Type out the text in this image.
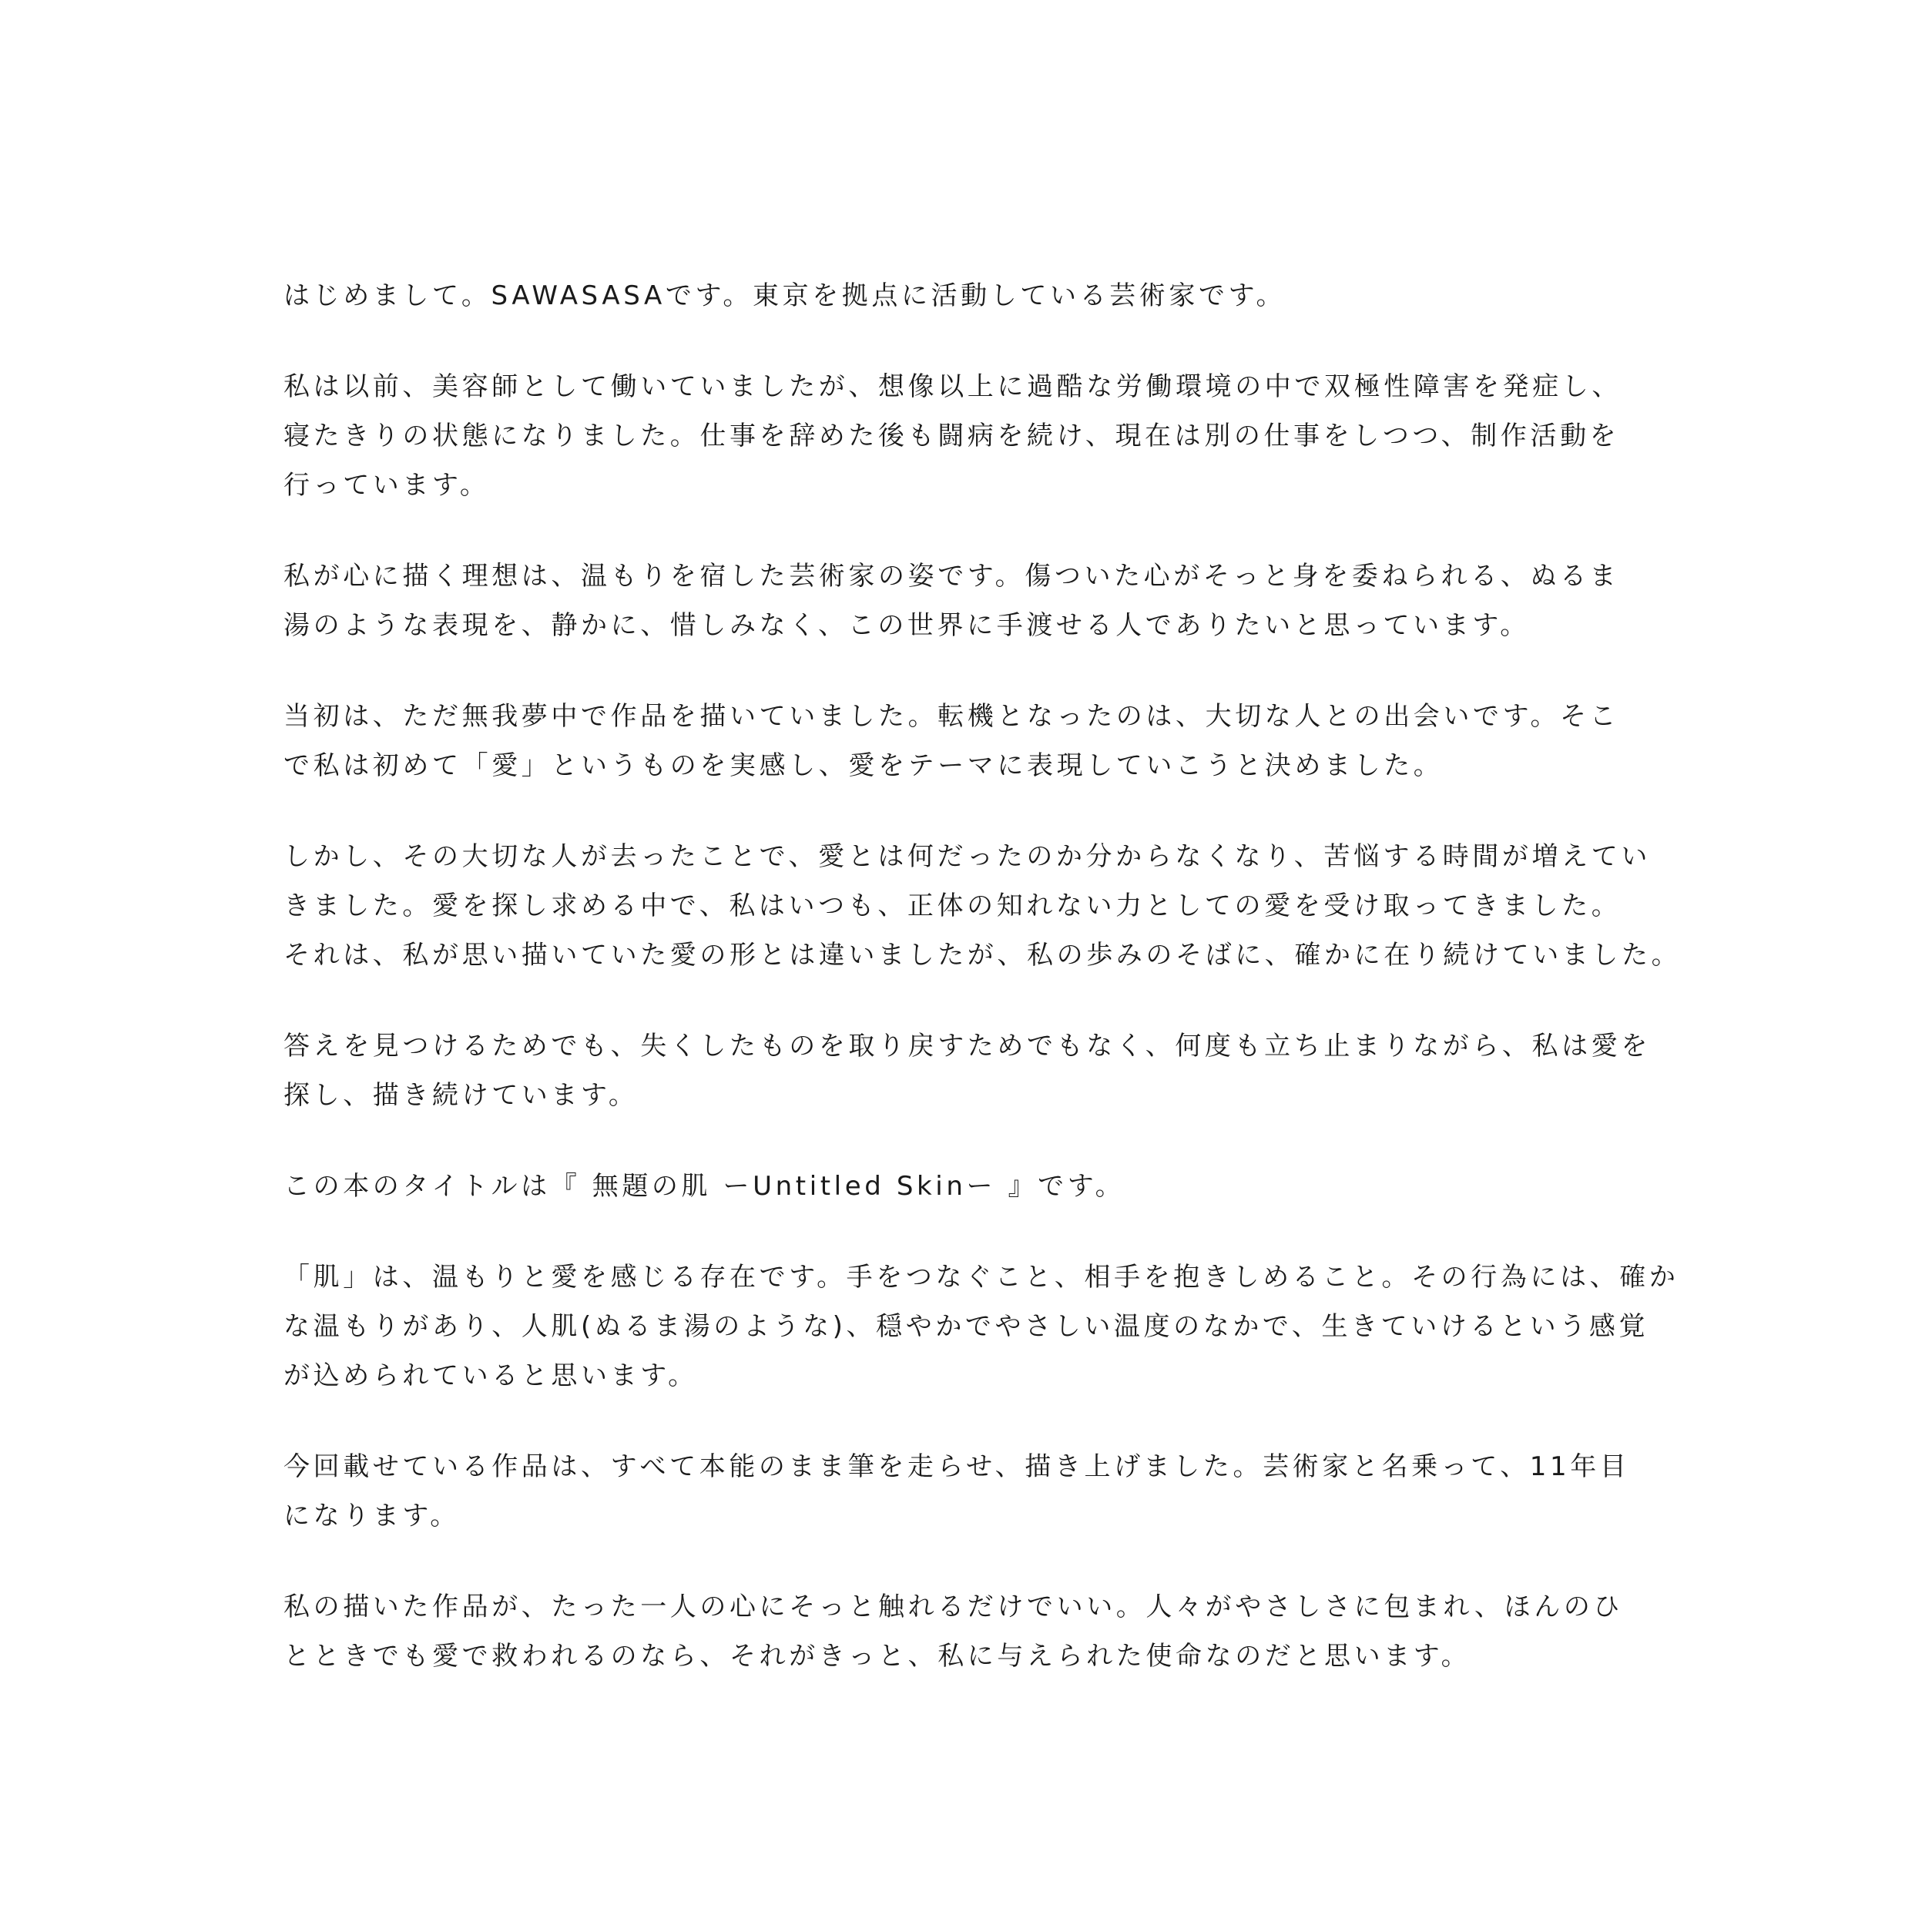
はじめまして。SAWASASAです。東京を拠点に活動している芸術家です。

私は以前、美容師として働いていましたが、想像以上に過酷な労働環境の中で双極性障害を発症し、
寝たきりの状態になりました。仕事を辞めた後も闘病を続け、現在は別の仕事をしつつ、制作活動を
行っています。

私が心に描く理想は、温もりを宿した芸術家の姿です。傷ついた心がそっと身を委ねられる、ぬるま
湯のような表現を、静かに、惜しみなく、この世界に手渡せる人でありたいと思っています。

当初は、ただ無我夢中で作品を描いていました。転機となったのは、大切な人との出会いです。そこ
で私は初めて「愛」というものを実感し、愛をテーマに表現していこうと決めました。

しかし、その大切な人が去ったことで、愛とは何だったのか分からなくなり、苦悩する時間が増えてい
きました。愛を探し求める中で、私はいつも、正体の知れない力としての愛を受け取ってきました。
それは、私が思い描いていた愛の形とは違いましたが、私の歩みのそばに、確かに在り続けていました。

答えを見つけるためでも、失くしたものを取り戻すためでもなく、何度も立ち止まりながら、私は愛を
探し、描き続けています。

この本のタイトルは『 無題の肌 ーUntitled Skinー 』です。

「肌」は、温もりと愛を感じる存在です。手をつなぐこと、相手を抱きしめること。その行為には、確か
な温もりがあり、人肌(ぬるま湯のような)、穏やかでやさしい温度のなかで、生きていけるという感覚
が込められていると思います。

今回載せている作品は、すべて本能のまま筆を走らせ、描き上げました。芸術家と名乗って、11年目
になります。

私の描いた作品が、たった一人の心にそっと触れるだけでいい。人々がやさしさに包まれ、ほんのひ
とときでも愛で救われるのなら、それがきっと、私に与えられた使命なのだと思います。
